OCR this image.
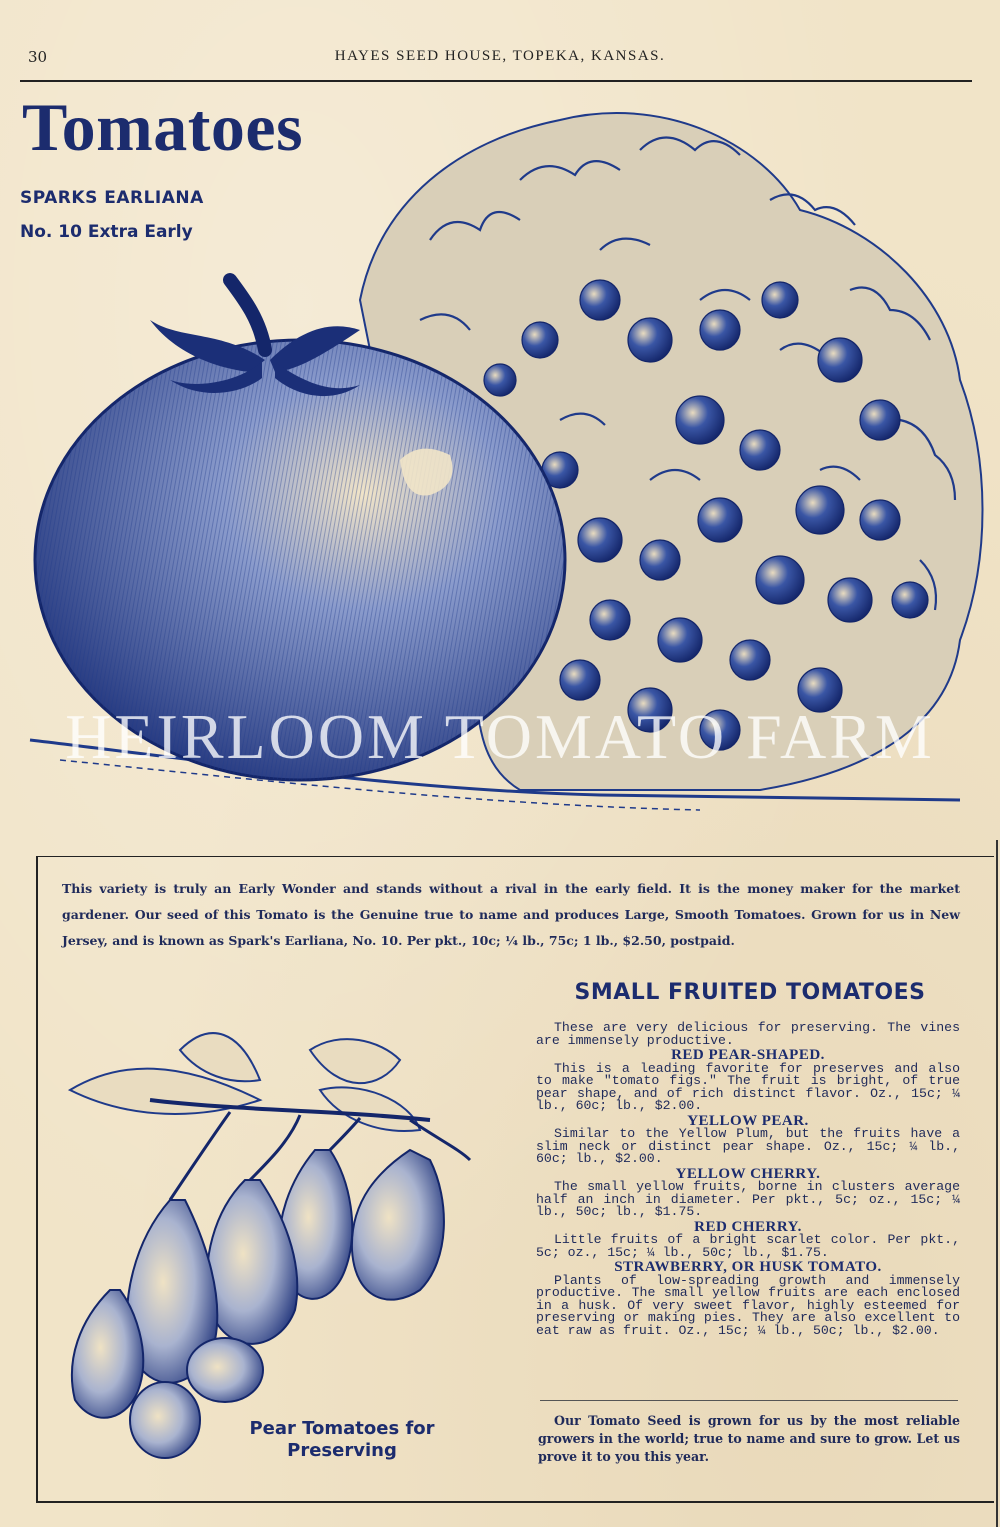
30	HAYES SEED HOUSE, TOPEKA, KANSAS.
Tomatoes
SPARKS EARLIANA
No. 10 Extra Early
HEIRLOOM TOMATO FARM
This variety is truly an Early Wonder and stands without a rival in the early field. It is the money maker for the market gardener. Our seed of this Tomato is the Genuine true to name and produces Large, Smooth Tomatoes. Grown for us in New Jersey, and is known as Spark's Earliana, No. 10. Per pkt., 10c; ¼ lb., 75c; 1 lb., $2.50, postpaid.
SMALL FRUITED TOMATOES

These are very delicious for preserving. The vines are immensely productive.

RED PEAR-SHAPED.

This is a leading favorite for preserves and also to make "tomato figs." The fruit is bright, of true pear shape, and of rich distinct flavor. Oz., 15c; ¼ lb., 60c; lb., $2.00.

YELLOW PEAR.

Similar to the Yellow Plum, but the fruits have a slim neck or distinct pear shape. Oz., 15c; ¼ lb., 60c; lb., $2.00.

YELLOW CHERRY.

The small yellow fruits, borne in clusters average half an inch in diameter. Per pkt., 5c; oz., 15c; ¼ lb., 50c; lb., $1.75.

RED CHERRY.

Little fruits of a bright scarlet color. Per pkt., 5c; oz., 15c; ¼ lb., 50c; lb., $1.75.

STRAWBERRY, OR HUSK TOMATO.

Plants of low-spreading growth and immensely productive. The small yellow fruits are each enclosed in a husk. Of very sweet flavor, highly esteemed for preserving or making pies. They are also excellent to eat raw as fruit. Oz., 15c; ¼ lb., 50c; lb., $2.00.

Our Tomato Seed is grown for us by the most reliable growers in the world; true to name and sure to grow. Let us prove it to you this year.
Pear Tomatoes for
Preserving
